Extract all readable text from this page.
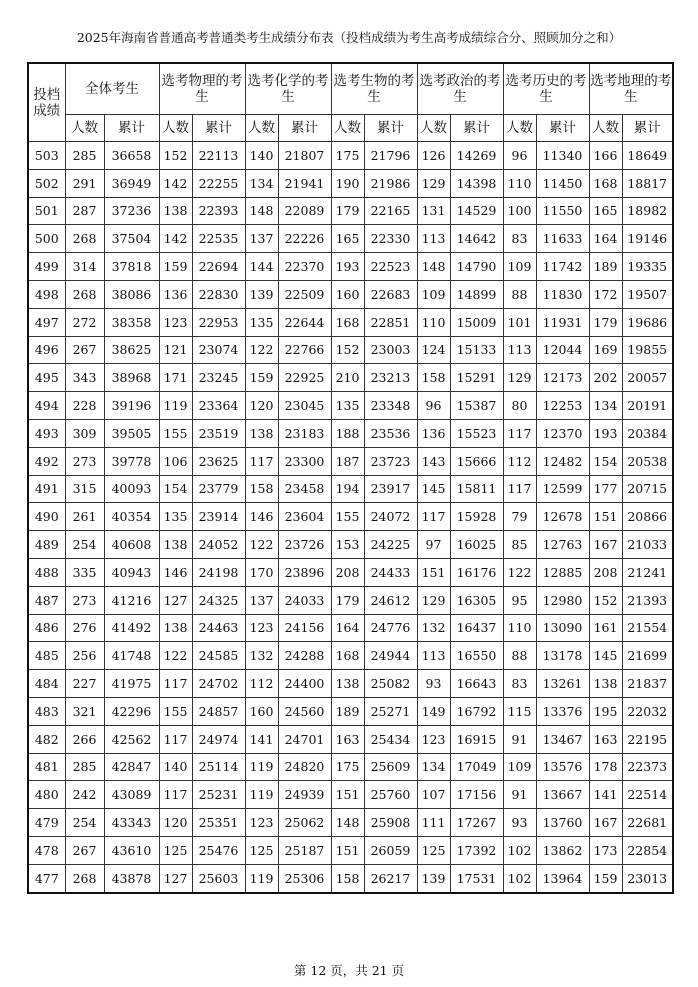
2025年海南省普通高考普通类考生成绩分布表（投档成绩为考生高考成绩综合分、照顾加分之和）
投档成绩	全体考生		选考物理的考生		选考化学的考生		选考生物的考生		选考政治的考生		选考历史的考生		选考地理的考生	
	人数	累计	人数	累计	人数	累计	人数	累计	人数	累计	人数	累计	人数	累计
503	285	36658	152	22113	140	21807	175	21796	126	14269	96	11340	166	18649
502	291	36949	142	22255	134	21941	190	21986	129	14398	110	11450	168	18817
501	287	37236	138	22393	148	22089	179	22165	131	14529	100	11550	165	18982
500	268	37504	142	22535	137	22226	165	22330	113	14642	83	11633	164	19146
499	314	37818	159	22694	144	22370	193	22523	148	14790	109	11742	189	19335
498	268	38086	136	22830	139	22509	160	22683	109	14899	88	11830	172	19507
497	272	38358	123	22953	135	22644	168	22851	110	15009	101	11931	179	19686
496	267	38625	121	23074	122	22766	152	23003	124	15133	113	12044	169	19855
495	343	38968	171	23245	159	22925	210	23213	158	15291	129	12173	202	20057
494	228	39196	119	23364	120	23045	135	23348	96	15387	80	12253	134	20191
493	309	39505	155	23519	138	23183	188	23536	136	15523	117	12370	193	20384
492	273	39778	106	23625	117	23300	187	23723	143	15666	112	12482	154	20538
491	315	40093	154	23779	158	23458	194	23917	145	15811	117	12599	177	20715
490	261	40354	135	23914	146	23604	155	24072	117	15928	79	12678	151	20866
489	254	40608	138	24052	122	23726	153	24225	97	16025	85	12763	167	21033
488	335	40943	146	24198	170	23896	208	24433	151	16176	122	12885	208	21241
487	273	41216	127	24325	137	24033	179	24612	129	16305	95	12980	152	21393
486	276	41492	138	24463	123	24156	164	24776	132	16437	110	13090	161	21554
485	256	41748	122	24585	132	24288	168	24944	113	16550	88	13178	145	21699
484	227	41975	117	24702	112	24400	138	25082	93	16643	83	13261	138	21837
483	321	42296	155	24857	160	24560	189	25271	149	16792	115	13376	195	22032
482	266	42562	117	24974	141	24701	163	25434	123	16915	91	13467	163	22195
481	285	42847	140	25114	119	24820	175	25609	134	17049	109	13576	178	22373
480	242	43089	117	25231	119	24939	151	25760	107	17156	91	13667	141	22514
479	254	43343	120	25351	123	25062	148	25908	111	17267	93	13760	167	22681
478	267	43610	125	25476	125	25187	151	26059	125	17392	102	13862	173	22854
477	268	43878	127	25603	119	25306	158	26217	139	17531	102	13964	159	23013
第 12 页，共 21 页
